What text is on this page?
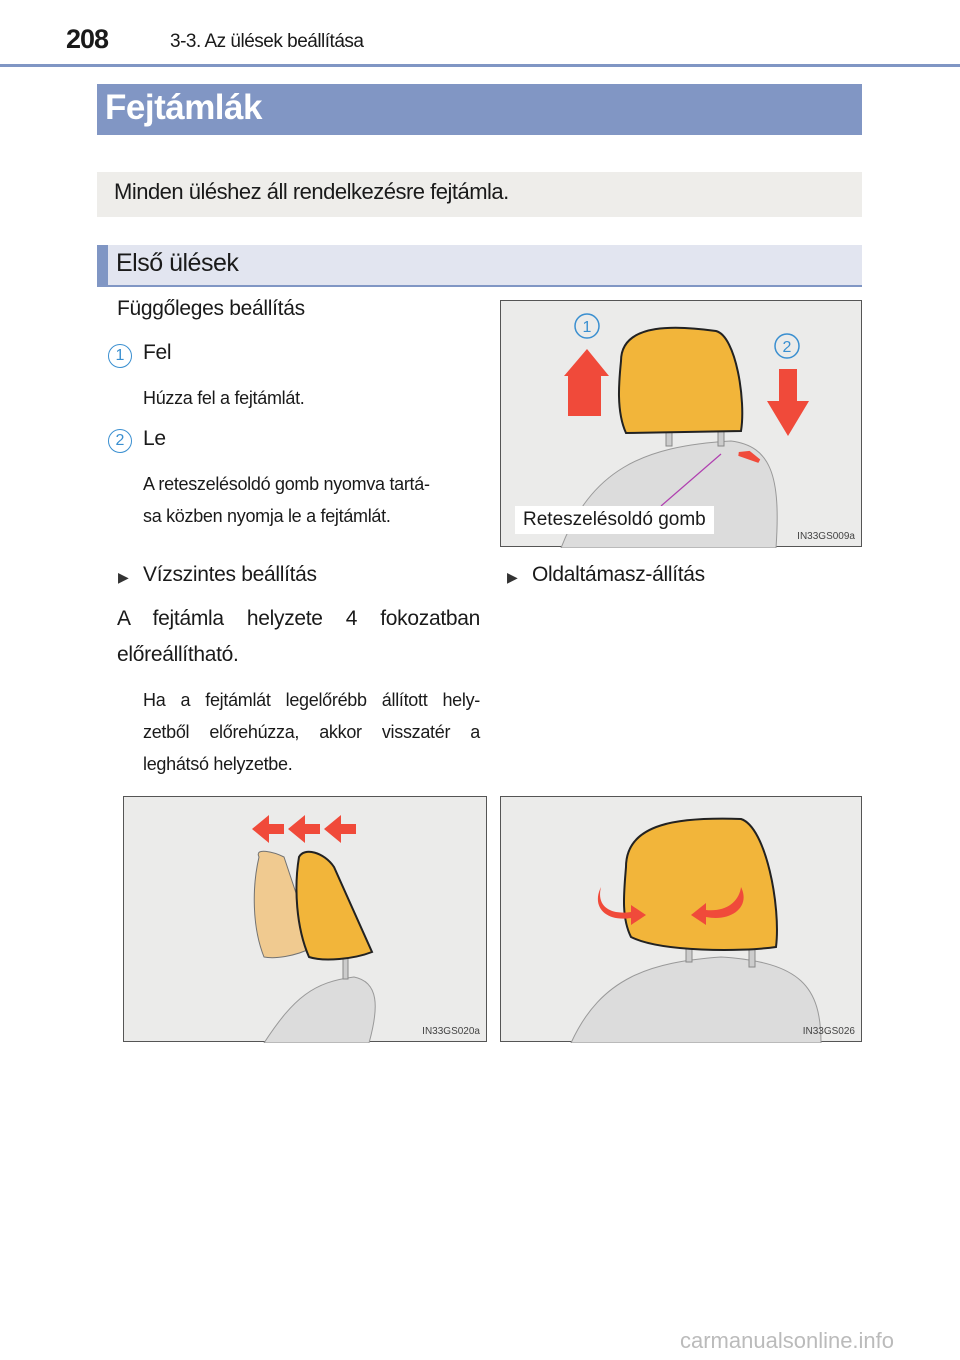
208	3-3. Az ülések beállítása
Fejtámlák
Minden üléshez áll rendelkezésre fejtámla.
Első ülések
Függőleges beállítás
1 Fel
Húzza fel a fejtámlát.
2 Le
A reteszelésoldó gomb nyomva tartá-
sa közben nyomja le a fejtámlát.
1
2
Reteszelésoldó gomb
IN33GS009a
▶ Vízszintes beállítás
A fejtámla helyzete 4 fokozatban
előreállítható.
Ha a fejtámlát legelőrébb állított hely-
zetből előrehúzza, akkor visszatér a
leghátsó helyzetbe.
▶ Oldaltámasz-állítás
IN33GS020a	IN33GS026
carmanualsonline.info
